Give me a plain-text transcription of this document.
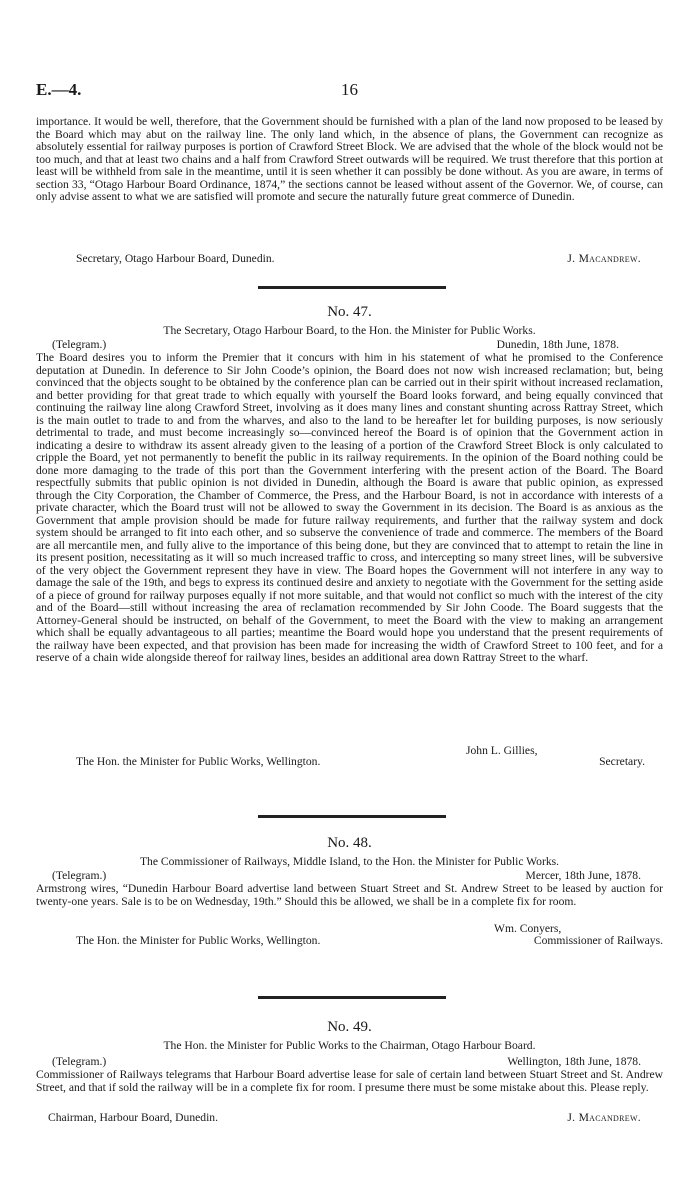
E.—4.	16

importance. It would be well, therefore, that the Government should be furnished with a plan of the land now proposed to be leased by the Board which may abut on the railway line. The only land which, in the absence of plans, the Government can recognize as absolutely essential for railway purposes is portion of Crawford Street Block. We are advised that the whole of the block would not be too much, and that at least two chains and a half from Crawford Street outwards will be required. We trust therefore that this portion at least will be withheld from sale in the meantime, until it is seen whether it can possibly be done without. As you are aware, in terms of section 33, “Otago Harbour Board Ordinance, 1874,” the sections cannot be leased without assent of the Governor. We, of course, can only advise assent to what we are satisfied will promote and secure the naturally future great commerce of Dunedin.

Secretary, Otago Harbour Board, Dunedin.	J. Macandrew.
No. 47.
The Secretary, Otago Harbour Board, to the Hon. the Minister for Public Works.
(Telegram.)	Dunedin, 18th June, 1878.

The Board desires you to inform the Premier that it concurs with him in his statement of what he promised to the Conference deputation at Dunedin. In deference to Sir John Coode’s opinion, the Board does not now wish increased reclamation; but, being convinced that the objects sought to be obtained by the conference plan can be carried out in their spirit without increased reclamation, and better providing for that great trade to which equally with yourself the Board looks forward, and being equally convinced that continuing the railway line along Crawford Street, involving as it does many lines and constant shunting across Rattray Street, which is the main outlet to trade to and from the wharves, and also to the land to be hereafter let for building purposes, is now seriously detrimental to trade, and must become increasingly so—convinced hereof the Board is of opinion that the Government action in indicating a desire to withdraw its assent already given to the leasing of a portion of the Crawford Street Block is only calculated to cripple the Board, yet not permanently to benefit the public in its railway requirements. In the opinion of the Board nothing could be done more damaging to the trade of this port than the Government interfering with the present action of the Board. The Board respectfully submits that public opinion is not divided in Dunedin, although the Board is aware that public opinion, as expressed through the City Corporation, the Chamber of Commerce, the Press, and the Harbour Board, is not in accordance with interests of a private character, which the Board trust will not be allowed to sway the Government in its decision. The Board is as anxious as the Government that ample provision should be made for future railway requirements, and further that the railway system and dock system should be arranged to fit into each other, and so subserve the convenience of trade and commerce. The members of the Board are all mercantile men, and fully alive to the importance of this being done, but they are convinced that to attempt to retain the line in its present position, necessitating as it will so much increased traffic to cross, and intercepting so many street lines, will be subversive of the very object the Government represent they have in view. The Board hopes the Government will not interfere in any way to damage the sale of the 19th, and begs to express its continued desire and anxiety to negotiate with the Government for the setting aside of a piece of ground for railway purposes equally if not more suitable, and that would not conflict so much with the interest of the city and of the Board—still without increasing the area of reclamation recommended by Sir John Coode. The Board suggests that the Attorney-General should be instructed, on behalf of the Government, to meet the Board with the view to making an arrangement which shall be equally advantageous to all parties; meantime the Board would hope you understand that the present requirements of the railway have been expected, and that provision has been made for increasing the width of Crawford Street to 100 feet, and for a reserve of a chain wide alongside thereof for railway lines, besides an additional area down Rattray Street to the wharf.

John L. Gillies,
The Hon. the Minister for Public Works, Wellington.	Secretary.
No. 48.
The Commissioner of Railways, Middle Island, to the Hon. the Minister for Public Works.
(Telegram.)	Mercer, 18th June, 1878.

Armstrong wires, “Dunedin Harbour Board advertise land between Stuart Street and St. Andrew Street to be leased by auction for twenty-one years. Sale is to be on Wednesday, 19th.” Should this be allowed, we shall be in a complete fix for room.

Wm. Conyers,
The Hon. the Minister for Public Works, Wellington.	Commissioner of Railways.
No. 49.
The Hon. the Minister for Public Works to the Chairman, Otago Harbour Board.
(Telegram.)	Wellington, 18th June, 1878.

Commissioner of Railways telegrams that Harbour Board advertise lease for sale of certain land between Stuart Street and St. Andrew Street, and that if sold the railway will be in a complete fix for room. I presume there must be some mistake about this. Please reply.

Chairman, Harbour Board, Dunedin.	J. Macandrew.
